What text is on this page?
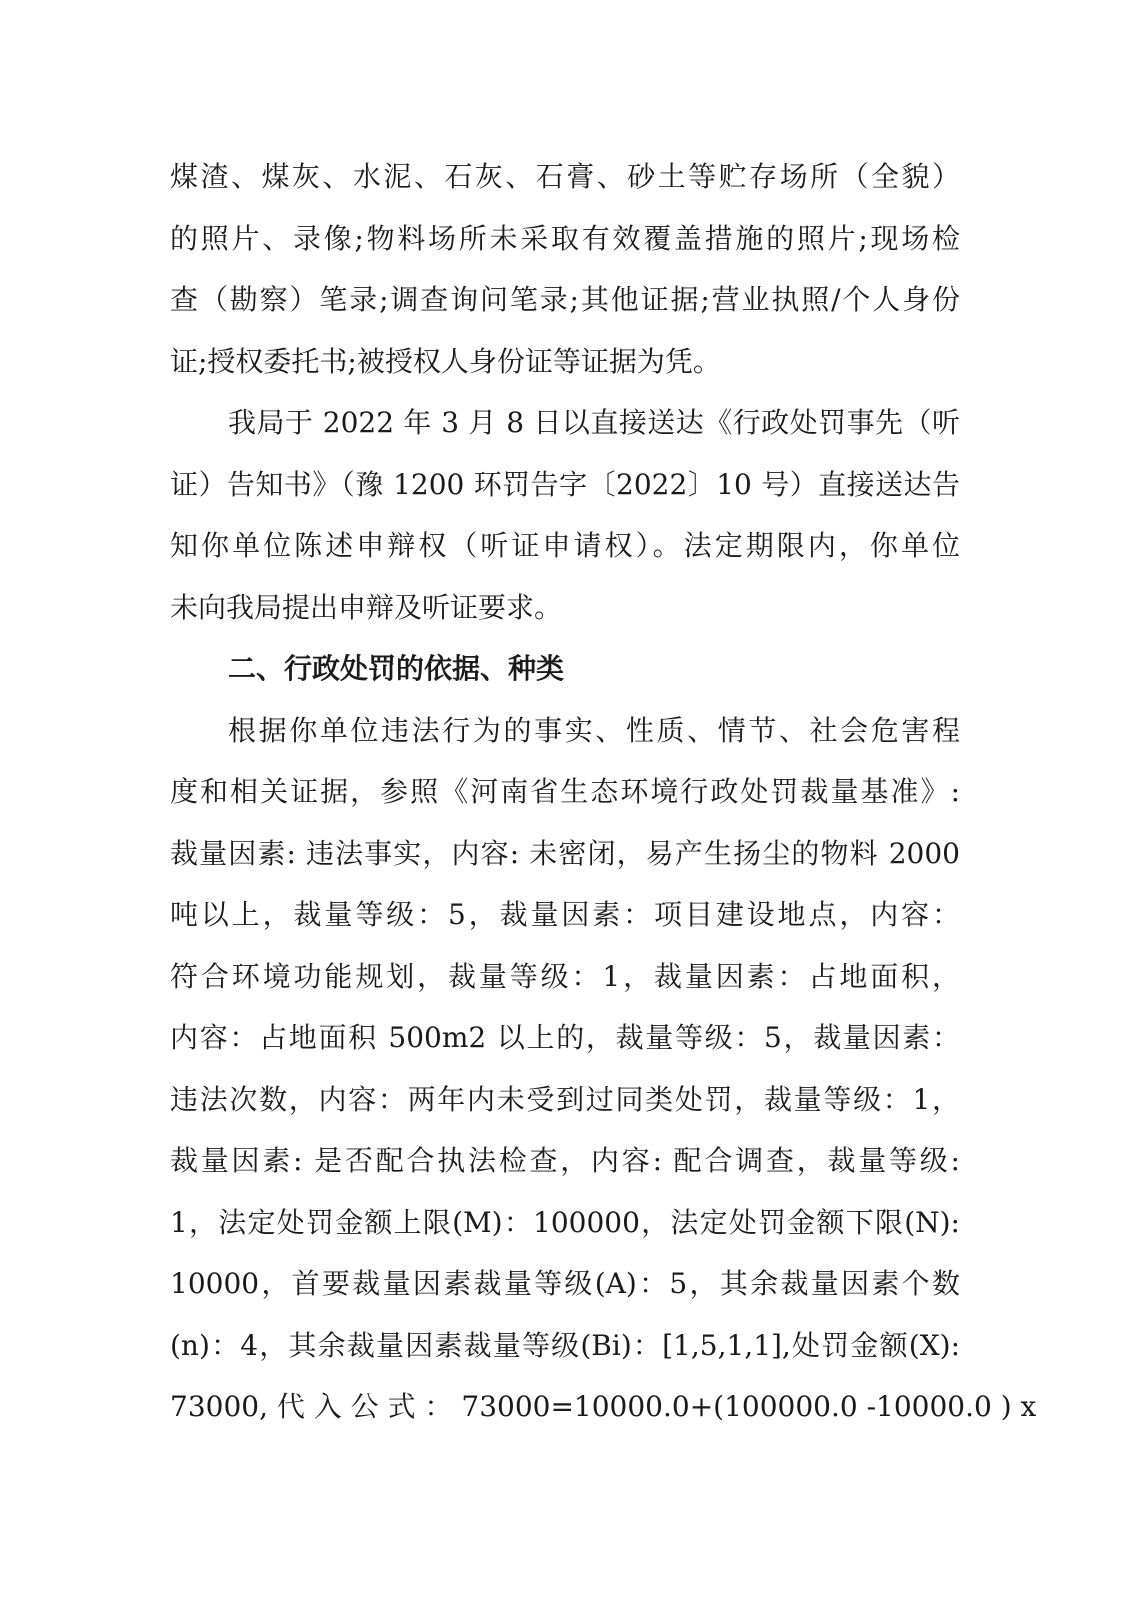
煤渣、煤灰、水泥、石灰、石膏、砂土等贮存场所（全貌）
的照片、录像;物料场所未采取有效覆盖措施的照片;现场检
查（勘察）笔录;调查询问笔录;其他证据;营业执照/个人身份
证;授权委托书;被授权人身份证等证据为凭。
我局于 2022 年 3 月 8 日以直接送达《行政处罚事先（听
证）告知书》（豫 1200 环罚告字〔2022〕10 号）直接送达告
知你单位陈述申辩权（听证申请权）。法定期限内，你单位
未向我局提出申辩及听证要求。
二、行政处罚的依据、种类
根据你单位违法行为的事实、性质、情节、社会危害程
度和相关证据，参照《河南省生态环境行政处罚裁量基准》:
裁量因素: 违法事实，内容: 未密闭，易产生扬尘的物料 2000
吨以上，裁量等级：5，裁量因素：项目建设地点，内容：
符合环境功能规划，裁量等级：1，裁量因素：占地面积，
内容：占地面积 500m2 以上的，裁量等级：5，裁量因素：
违法次数，内容：两年内未受到过同类处罚，裁量等级：1，
裁量因素: 是否配合执法检查，内容: 配合调查，裁量等级:
1，法定处罚金额上限(M)：100000，法定处罚金额下限(N):
10000，首要裁量因素裁量等级(A)：5，其余裁量因素个数
(n)：4，其余裁量因素裁量等级(Bi)：[1,5,1,1],处罚金额(X):
73000, 代 入 公 式 ： 73000=10000.0+(100000.0 -10000.0 ) x
